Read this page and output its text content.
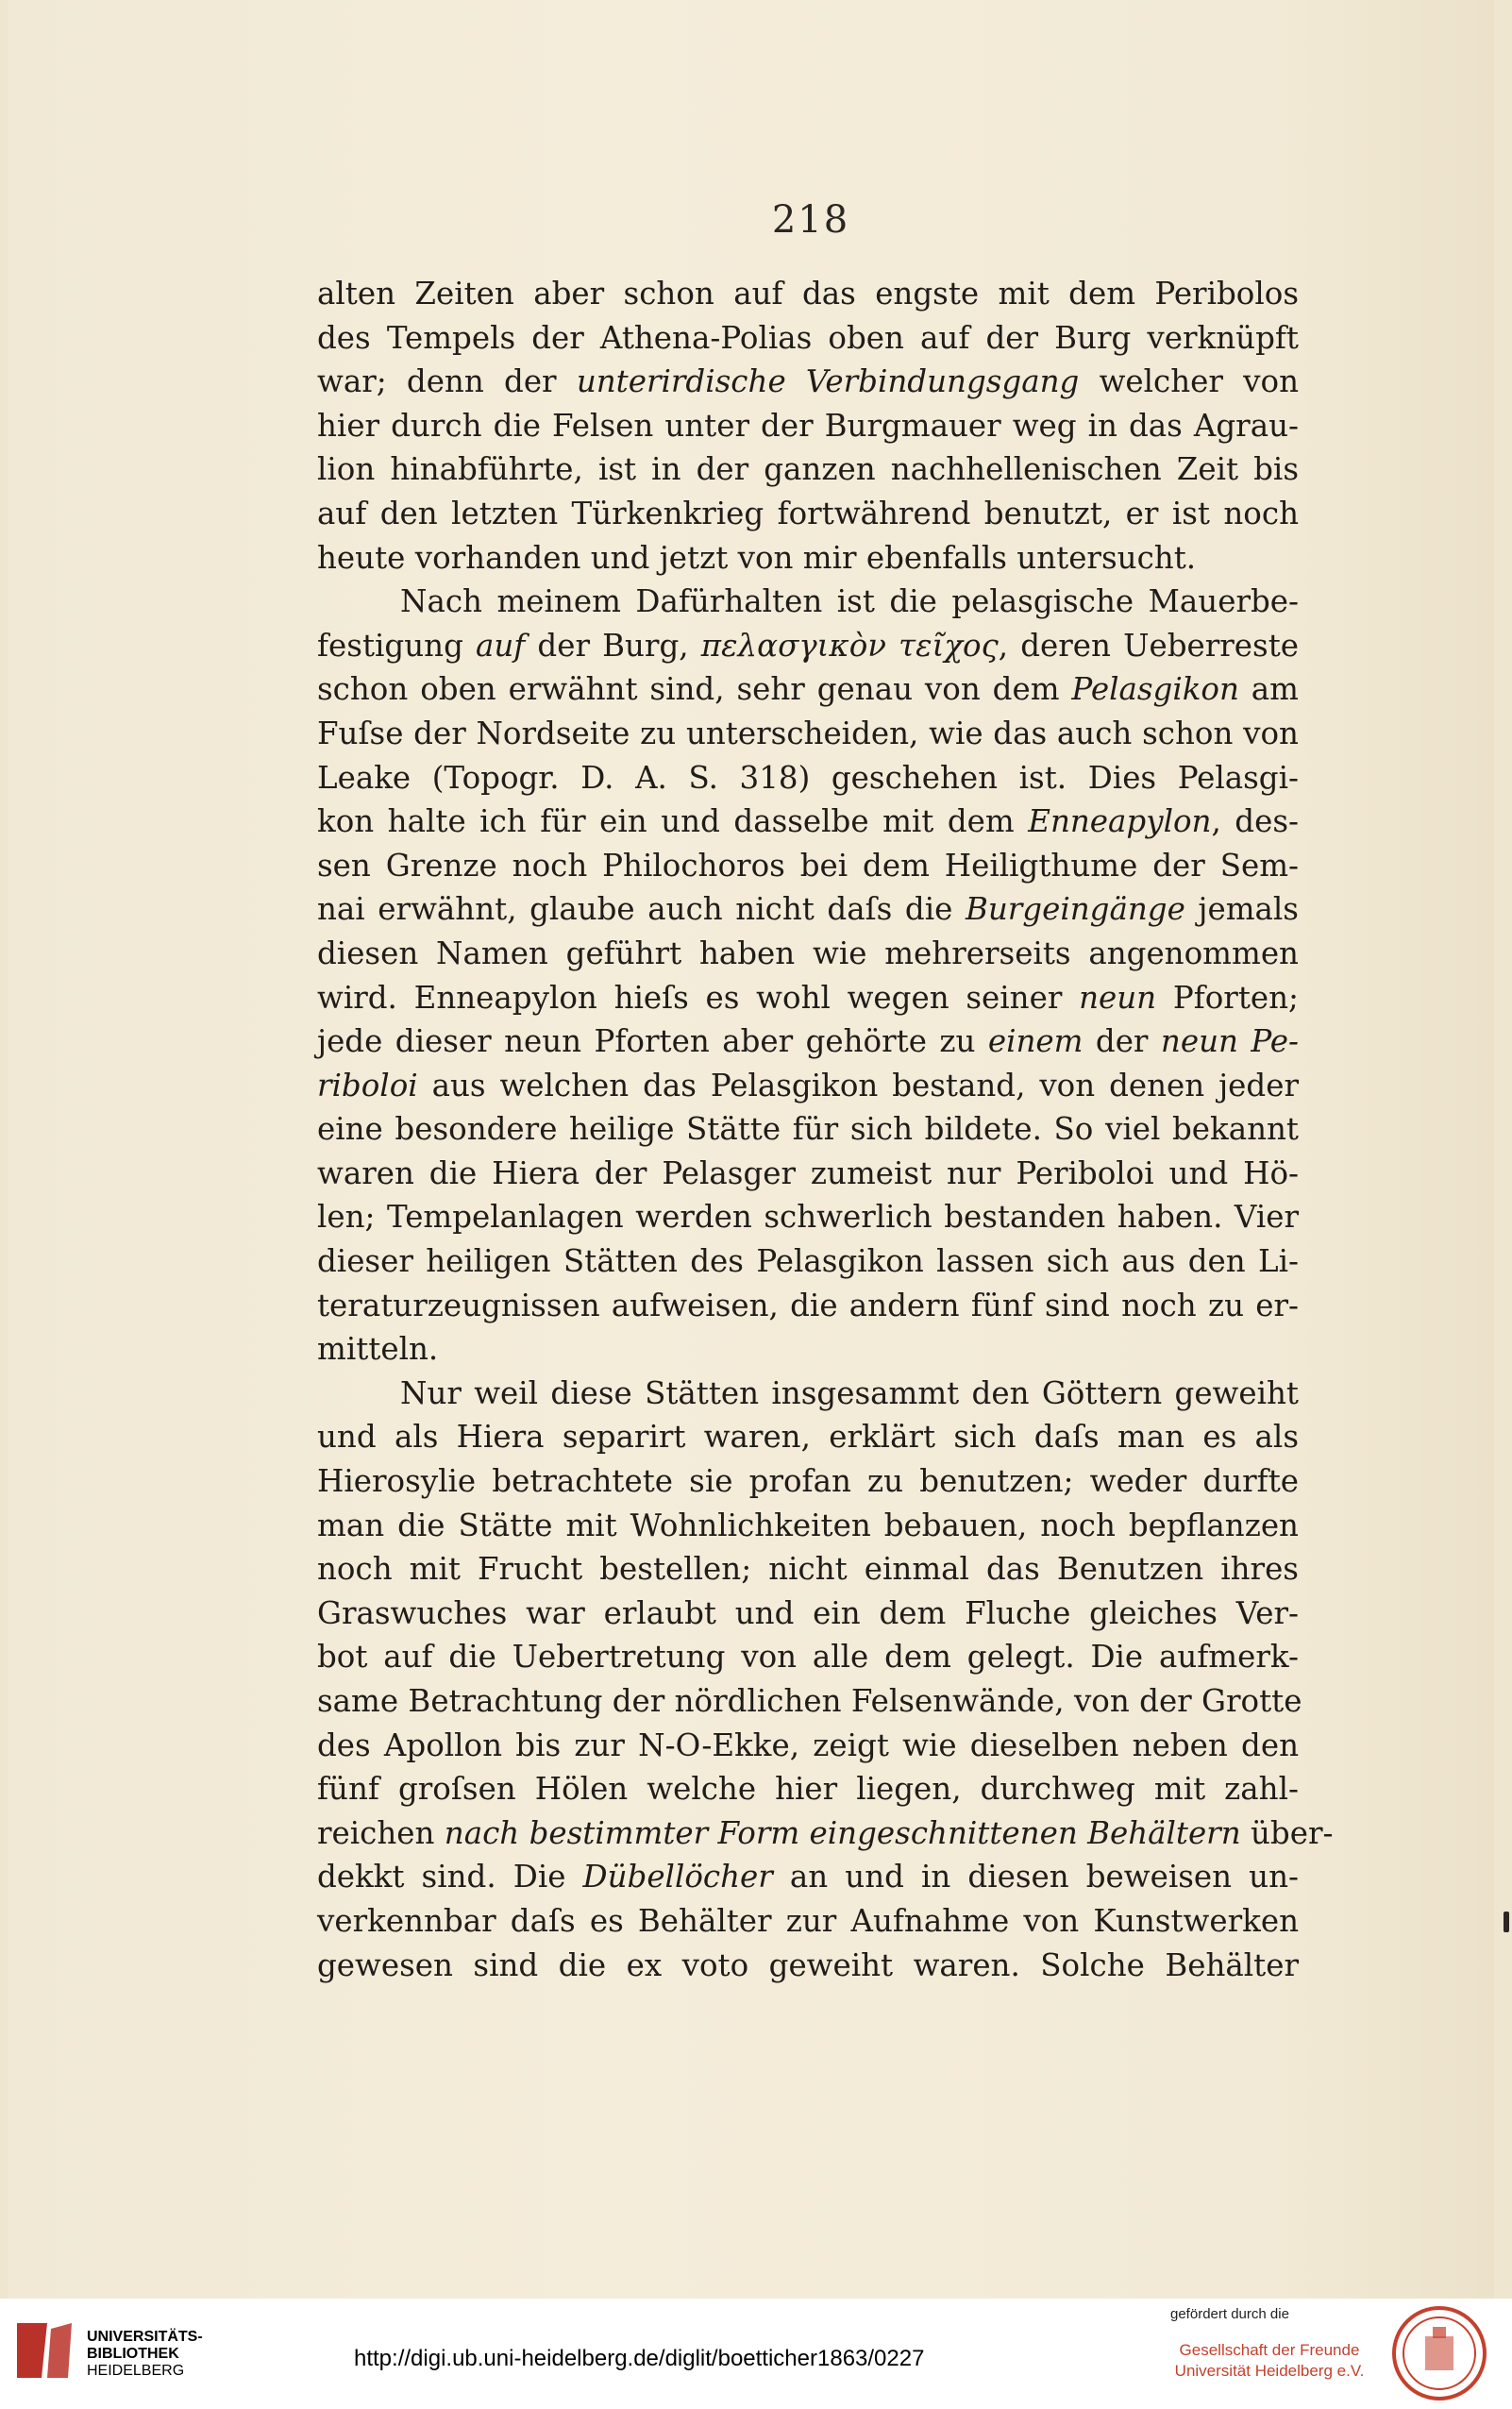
218
alten Zeiten aber schon auf das engste mit dem Peribolos
des Tempels der Athena-Polias oben auf der Burg verknüpft
war; denn der unterirdische Verbindungsgang welcher von
hier durch die Felsen unter der Burgmauer weg in das Agrau-
lion hinabführte, ist in der ganzen nachhellenischen Zeit bis
auf den letzten Türkenkrieg fortwährend benutzt, er ist noch
heute vorhanden und jetzt von mir ebenfalls untersucht.
Nach meinem Dafürhalten ist die pelasgische Mauerbe-
festigung auf der Burg, πελασγικὸν τεῖχος, deren Ueberreste
schon oben erwähnt sind, sehr genau von dem Pelasgikon am
Fuſse der Nordseite zu unterscheiden, wie das auch schon von
Leake (Topogr. D. A. S. 318) geschehen ist. Dies Pelasgi-
kon halte ich für ein und dasselbe mit dem Enneapylon, des-
sen Grenze noch Philochoros bei dem Heiligthume der Sem-
nai erwähnt, glaube auch nicht daſs die Burgeingänge jemals
diesen Namen geführt haben wie mehrerseits angenommen
wird. Enneapylon hieſs es wohl wegen seiner neun Pforten;
jede dieser neun Pforten aber gehörte zu einem der neun Pe-
riboloi aus welchen das Pelasgikon bestand, von denen jeder
eine besondere heilige Stätte für sich bildete. So viel bekannt
waren die Hiera der Pelasger zumeist nur Periboloi und Hö-
len; Tempelanlagen werden schwerlich bestanden haben. Vier
dieser heiligen Stätten des Pelasgikon lassen sich aus den Li-
teraturzeugnissen aufweisen, die andern fünf sind noch zu er-
mitteln.
Nur weil diese Stätten insgesammt den Göttern geweiht
und als Hiera separirt waren, erklärt sich daſs man es als
Hierosylie betrachtete sie profan zu benutzen; weder durfte
man die Stätte mit Wohnlichkeiten bebauen, noch bepflanzen
noch mit Frucht bestellen; nicht einmal das Benutzen ihres
Graswuches war erlaubt und ein dem Fluche gleiches Ver-
bot auf die Uebertretung von alle dem gelegt. Die aufmerk-
same Betrachtung der nördlichen Felsenwände, von der Grotte
des Apollon bis zur N-O-Ekke, zeigt wie dieselben neben den
fünf groſsen Hölen welche hier liegen, durchweg mit zahl-
reichen nach bestimmter Form eingeschnittenen Behältern über-
dekkt sind. Die Dübellöcher an und in diesen beweisen un-
verkennbar daſs es Behälter zur Aufnahme von Kunstwerken
gewesen sind die ex voto geweiht waren. Solche Behälter
UNIVERSITÄTS-
BIBLIOTHEK
HEIDELBERG	http://digi.ub.uni-heidelberg.de/diglit/boetticher1863/0227
gefördert durch die
Gesellschaft der Freunde
Universität Heidelberg e.V.
